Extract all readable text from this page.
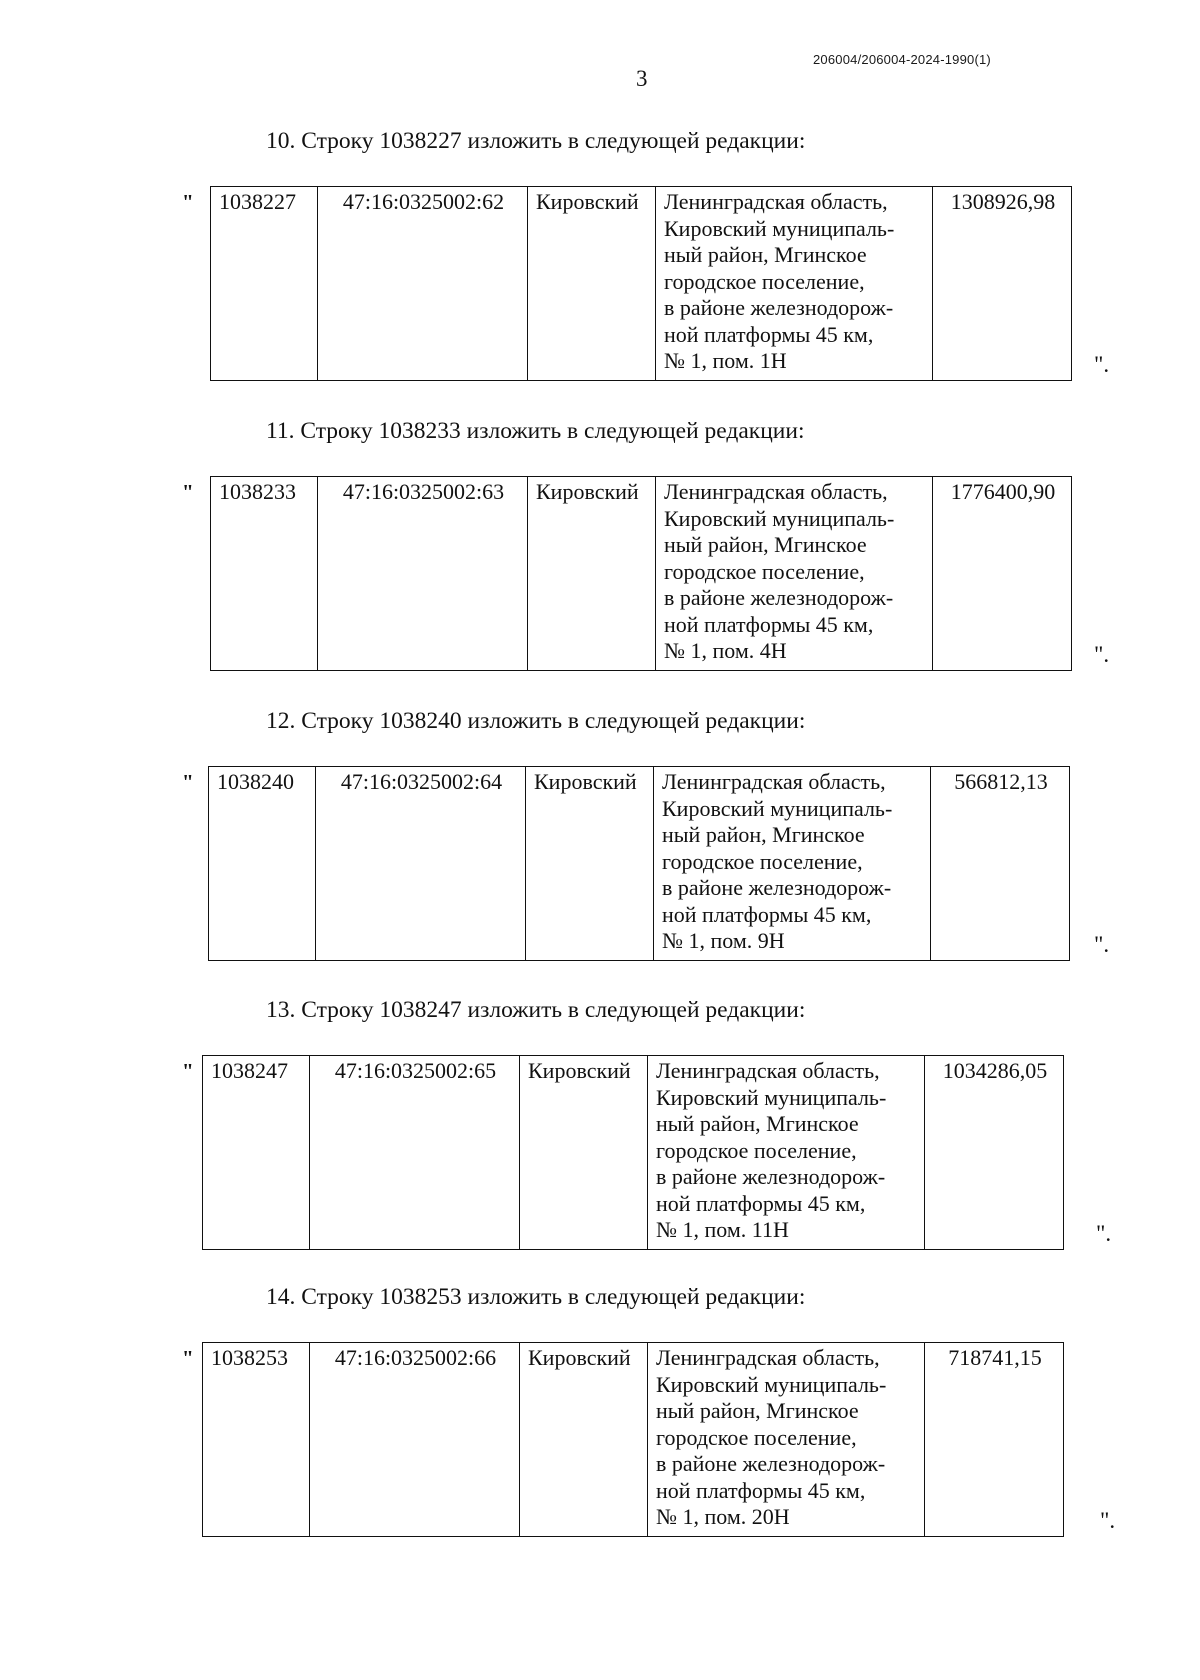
206004/206004-2024-1990(1)
3
10. Строку 1038227 изложить в следующей редакции:
" 1038227	47:16:0325002:62	Кировский	Ленинградская область,
Кировский муниципаль-
ный район, Мгинское
городское поселение,
в районе железнодорож-
ной платформы 45 км,
№ 1, пом. 1Н
	1308926,98
".
11. Строку 1038233 изложить в следующей редакции:
" 1038233	47:16:0325002:63	Кировский	Ленинградская область,
Кировский муниципаль-
ный район, Мгинское
городское поселение,
в районе железнодорож-
ной платформы 45 км,
№ 1, пом. 4Н
	1776400,90
".
12. Строку 1038240 изложить в следующей редакции:
" 1038240	47:16:0325002:64	Кировский	Ленинградская область,
Кировский муниципаль-
ный район, Мгинское
городское поселение,
в районе железнодорож-
ной платформы 45 км,
№ 1, пом. 9Н
	566812,13
".
13. Строку 1038247 изложить в следующей редакции:
" 1038247	47:16:0325002:65	Кировский	Ленинградская область,
Кировский муниципаль-
ный район, Мгинское
городское поселение,
в районе железнодорож-
ной платформы 45 км,
№ 1, пом. 11Н
	1034286,05
".
14. Строку 1038253 изложить в следующей редакции:
" 1038253	47:16:0325002:66	Кировский	Ленинградская область,
Кировский муниципаль-
ный район, Мгинское
городское поселение,
в районе железнодорож-
ной платформы 45 км,
№ 1, пом. 20Н
	718741,15
".
